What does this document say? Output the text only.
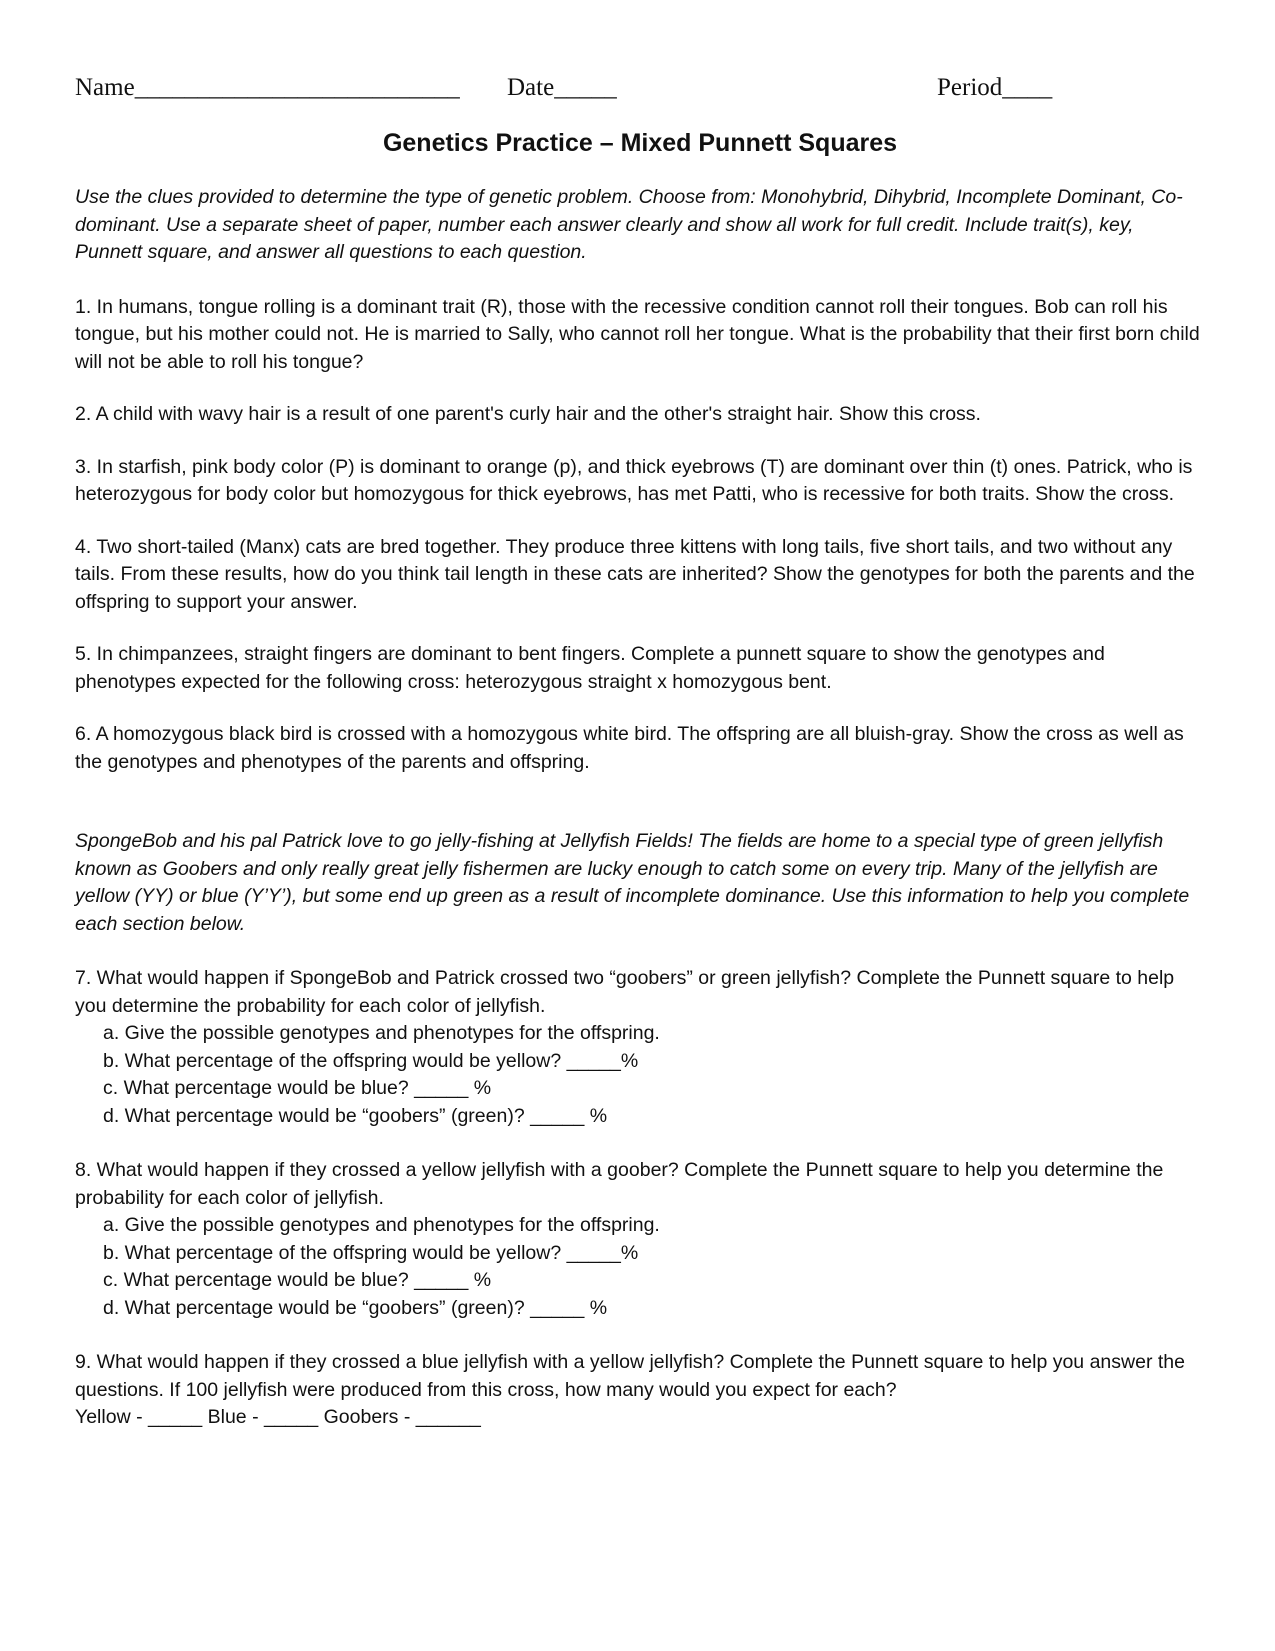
Name__________________________ Date_____	Period____
Genetics Practice – Mixed Punnett Squares

Use the clues provided to determine the type of genetic problem. Choose from: Monohybrid, Dihybrid, Incomplete Dominant, Co-dominant. Use a separate sheet of paper, number each answer clearly and show all work for full credit. Include trait(s), key, Punnett square, and answer all questions to each question.

1. In humans, tongue rolling is a dominant trait (R), those with the recessive condition cannot roll their tongues. Bob can roll his tongue, but his mother could not. He is married to Sally, who cannot roll her tongue. What is the probability that their first born child will not be able to roll his tongue?

2. A child with wavy hair is a result of one parent's curly hair and the other's straight hair. Show this cross.

3. In starfish, pink body color (P) is dominant to orange (p), and thick eyebrows (T) are dominant over thin (t) ones. Patrick, who is heterozygous for body color but homozygous for thick eyebrows, has met Patti, who is recessive for both traits. Show the cross.

4. Two short-tailed (Manx) cats are bred together. They produce three kittens with long tails, five short tails, and two without any tails. From these results, how do you think tail length in these cats are inherited? Show the genotypes for both the parents and the offspring to support your answer.

5. In chimpanzees, straight fingers are dominant to bent fingers. Complete a punnett square to show the genotypes and phenotypes expected for the following cross: heterozygous straight x homozygous bent.

6. A homozygous black bird is crossed with a homozygous white bird. The offspring are all bluish-gray. Show the cross as well as the genotypes and phenotypes of the parents and offspring.

SpongeBob and his pal Patrick love to go jelly-fishing at Jellyfish Fields! The fields are home to a special type of green jellyfish known as Goobers and only really great jelly fishermen are lucky enough to catch some on every trip. Many of the jellyfish are yellow (YY) or blue (Y’Y’), but some end up green as a result of incomplete dominance. Use this information to help you complete each section below.

7. What would happen if SpongeBob and Patrick crossed two “goobers” or green jellyfish? Complete the Punnett square to help you determine the probability for each color of jellyfish.

a. Give the possible genotypes and phenotypes for the offspring.

b. What percentage of the offspring would be yellow? _____%

c. What percentage would be blue? _____ %

d. What percentage would be “goobers” (green)? _____ %

8. What would happen if they crossed a yellow jellyfish with a goober? Complete the Punnett square to help you determine the probability for each color of jellyfish.

a. Give the possible genotypes and phenotypes for the offspring.

b. What percentage of the offspring would be yellow? _____%

c. What percentage would be blue? _____ %

d. What percentage would be “goobers” (green)? _____ %

9. What would happen if they crossed a blue jellyfish with a yellow jellyfish? Complete the Punnett square to help you answer the questions. If 100 jellyfish were produced from this cross, how many would you expect for each?

Yellow - _____ Blue - _____ Goobers - ______
